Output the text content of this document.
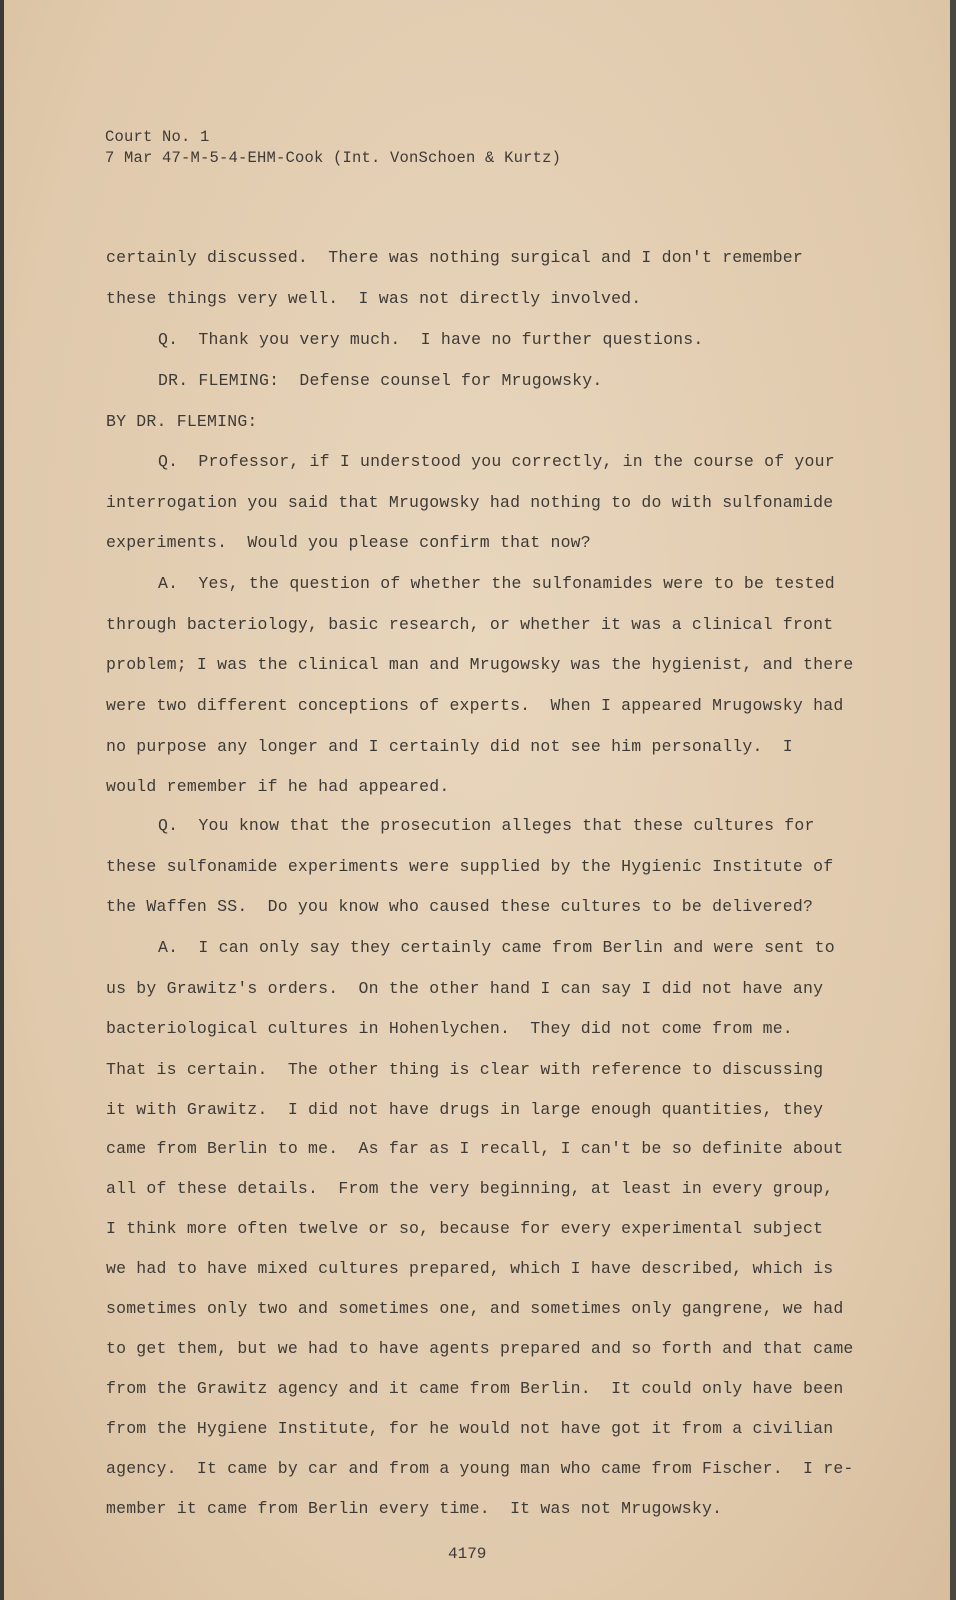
Court No. 1
7 Mar 47-M-5-4-EHM-Cook (Int. VonSchoen & Kurtz)
certainly discussed.  There was nothing surgical and I don't remember
these things very well.  I was not directly involved.
Q.  Thank you very much.  I have no further questions.
DR. FLEMING:  Defense counsel for Mrugowsky.
BY DR. FLEMING:
Q.  Professor, if I understood you correctly, in the course of your
interrogation you said that Mrugowsky had nothing to do with sulfonamide
experiments.  Would you please confirm that now?
A.  Yes, the question of whether the sulfonamides were to be tested
through bacteriology, basic research, or whether it was a clinical front
problem; I was the clinical man and Mrugowsky was the hygienist, and there
were two different conceptions of experts.  When I appeared Mrugowsky had
no purpose any longer and I certainly did not see him personally.  I
would remember if he had appeared.
Q.  You know that the prosecution alleges that these cultures for
these sulfonamide experiments were supplied by the Hygienic Institute of
the Waffen SS.  Do you know who caused these cultures to be delivered?
A.  I can only say they certainly came from Berlin and were sent to
us by Grawitz's orders.  On the other hand I can say I did not have any
bacteriological cultures in Hohenlychen.  They did not come from me.
That is certain.  The other thing is clear with reference to discussing
it with Grawitz.  I did not have drugs in large enough quantities, they
came from Berlin to me.  As far as I recall, I can't be so definite about
all of these details.  From the very beginning, at least in every group,
I think more often twelve or so, because for every experimental subject
we had to have mixed cultures prepared, which I have described, which is
sometimes only two and sometimes one, and sometimes only gangrene, we had
to get them, but we had to have agents prepared and so forth and that came
from the Grawitz agency and it came from Berlin.  It could only have been
from the Hygiene Institute, for he would not have got it from a civilian
agency.  It came by car and from a young man who came from Fischer.  I re-
member it came from Berlin every time.  It was not Mrugowsky.
4179
